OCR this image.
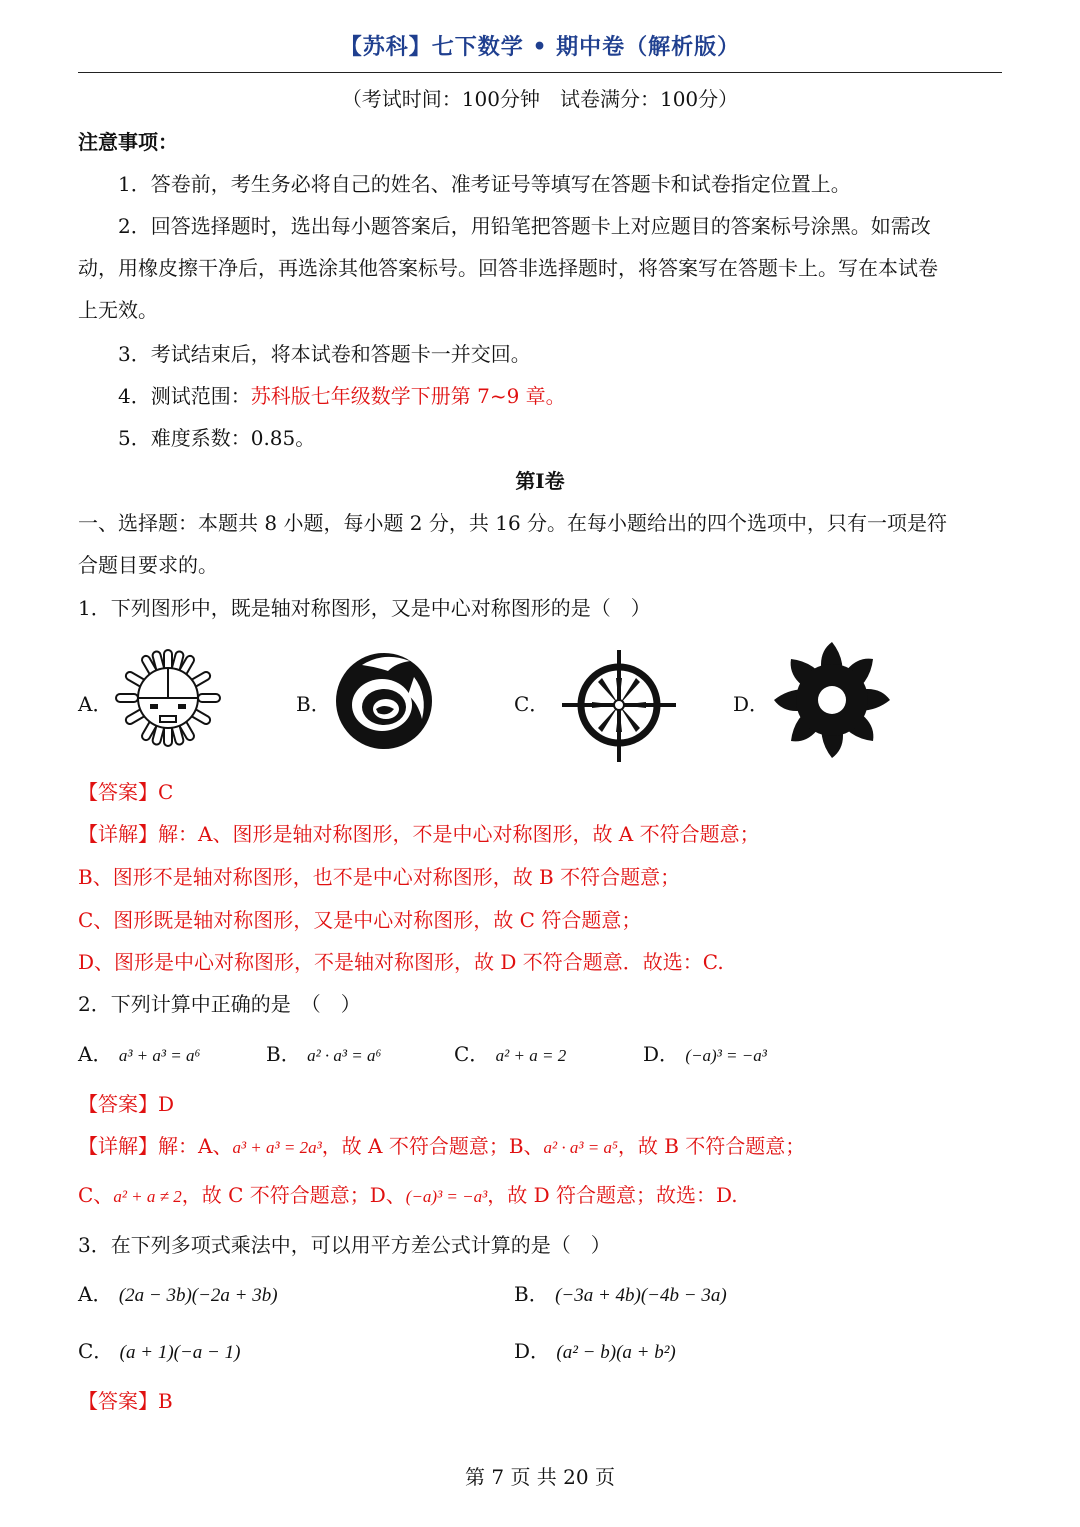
【苏科】七下数学 • 期中卷（解析版）
（考试时间：100分钟　试卷满分：100分）
注意事项：
1．答卷前，考生务必将自己的姓名、准考证号等填写在答题卡和试卷指定位置上。
2．回答选择题时，选出每小题答案后，用铅笔把答题卡上对应题目的答案标号涂黑。如需改
动，用橡皮擦干净后，再选涂其他答案标号。回答非选择题时，将答案写在答题卡上。写在本试卷
上无效。
3．考试结束后，将本试卷和答题卡一并交回。
4．测试范围：苏科版七年级数学下册第 7~9 章。
5．难度系数：0.85。
第I卷
一、选择题：本题共 8 小题，每小题 2 分，共 16 分。在每小题给出的四个选项中，只有一项是符
合题目要求的。
1．下列图形中，既是轴对称图形，又是中心对称图形的是（　）
A．	B．	C．	D．
【答案】C
【详解】解：A、图形是轴对称图形，不是中心对称图形，故 A 不符合题意；
B、图形不是轴对称图形，也不是中心对称图形，故 B 不符合题意；
C、图形既是轴对称图形，又是中心对称图形，故 C 符合题意；
D、图形是中心对称图形，不是轴对称图形，故 D 不符合题意．故选：C.
2．下列计算中正确的是　（　）
A． a³ + a³ = a⁶	B． a² · a³ = a⁶	C． a² + a = 2	D． (−a)³ = −a³
【答案】D
【详解】解：A、a³ + a³ = 2a³，故 A 不符合题意；B、a² · a³ = a⁵，故 B 不符合题意；
C、a² + a ≠ 2，故 C 不符合题意；D、(−a)³ = −a³，故 D 符合题意；故选：D.
3．在下列多项式乘法中，可以用平方差公式计算的是（　）
A． (2a − 3b)(−2a + 3b)	B． (−3a + 4b)(−4b − 3a)
C． (a + 1)(−a − 1)	D． (a² − b)(a + b²)
【答案】B
第 7 页 共 20 页
